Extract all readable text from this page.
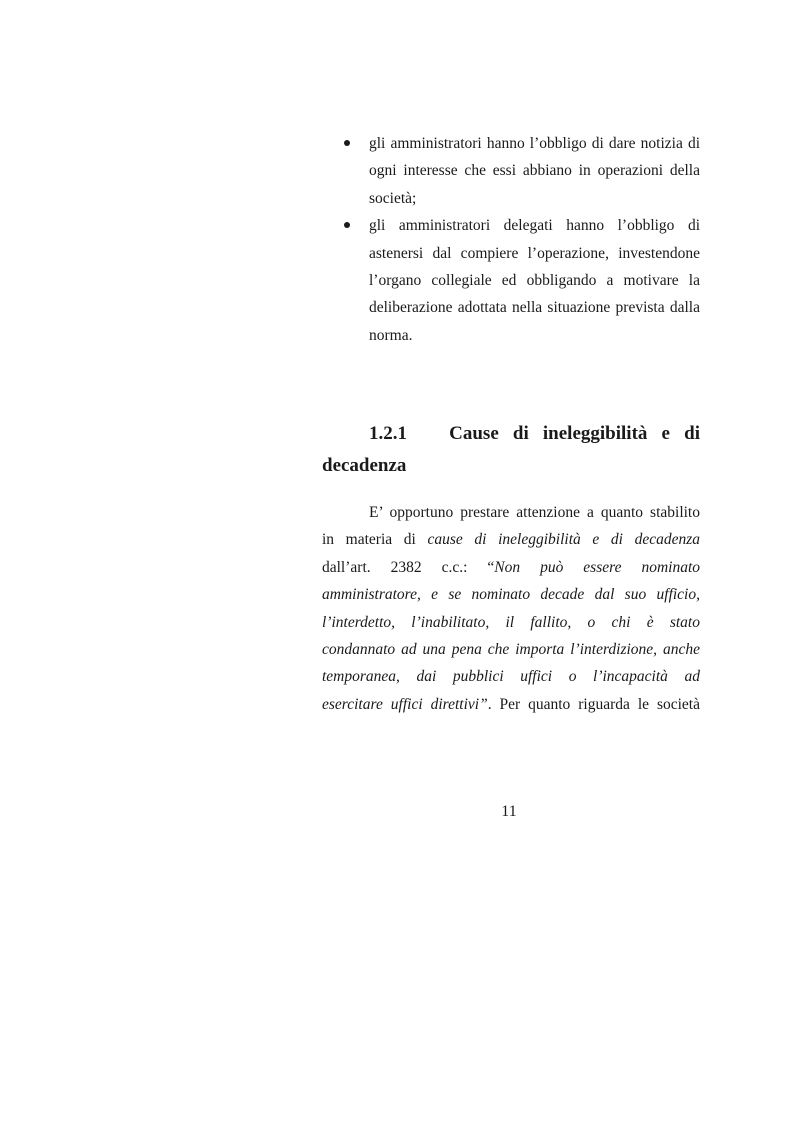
gli amministratori hanno l’obbligo di dare notizia di ogni interesse che essi abbiano in operazioni della società;
gli amministratori delegati hanno l’obbligo di astenersi dal compiere l’operazione, investendone l’organo collegiale ed obbligando a motivare la deliberazione adottata nella situazione prevista dalla norma.
1.2.1 Cause di ineleggibilità e di
decadenza
E’ opportuno prestare attenzione a quanto stabilito
in materia di cause di ineleggibilità e di decadenza
dall’art. 2382 c.c.: “Non può essere nominato
amministratore, e se nominato decade dal suo ufficio,
l’interdetto, l’inabilitato, il fallito, o chi è stato
condannato ad una pena che importa l’interdizione, anche
temporanea, dai pubblici uffici o l’incapacità ad
esercitare uffici direttivi”. Per quanto riguarda le società
11
